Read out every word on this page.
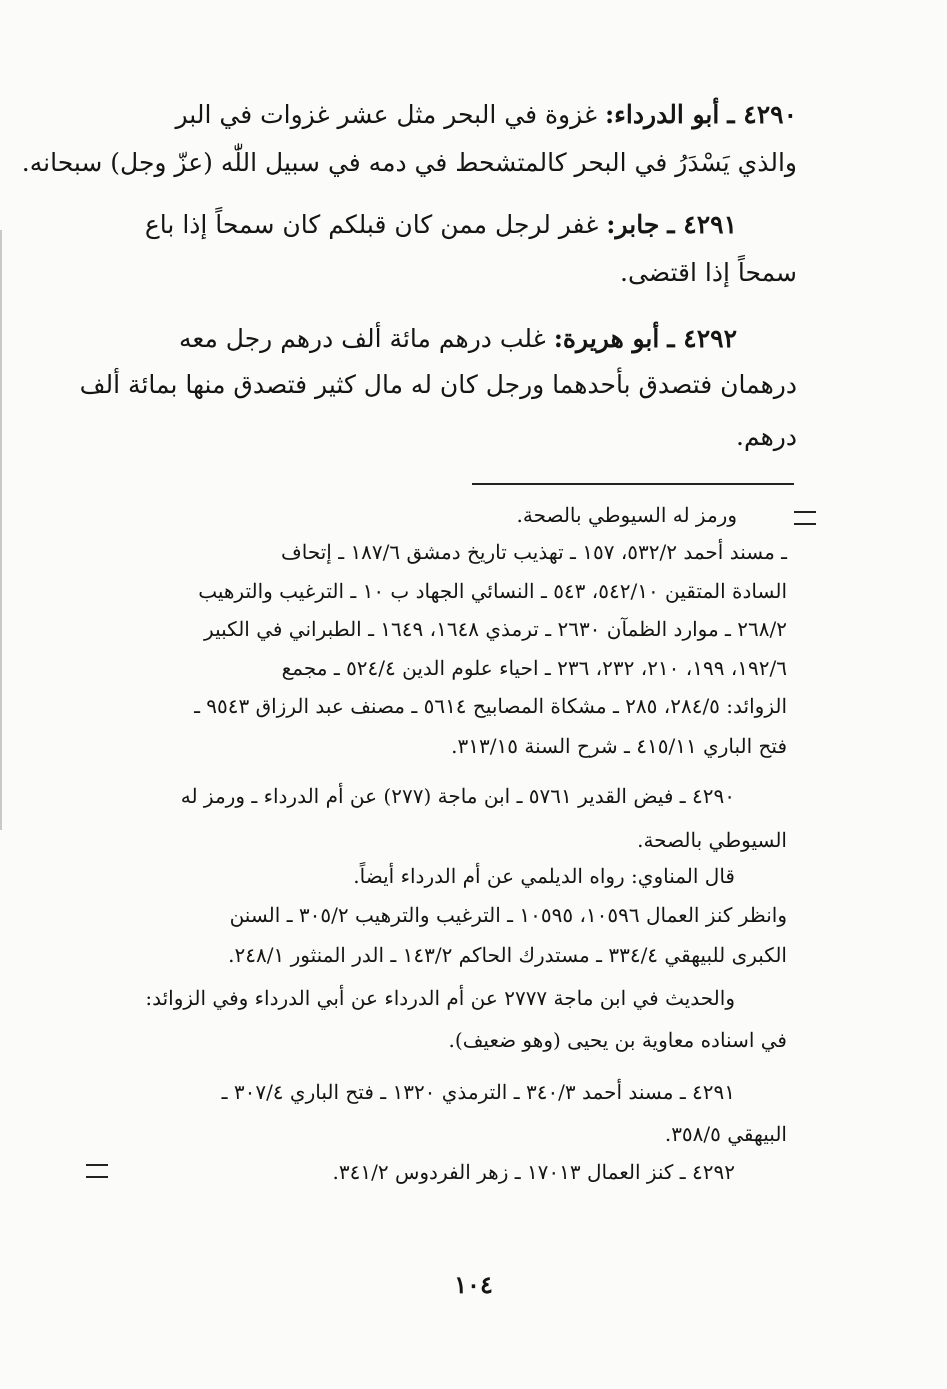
٤٢٩٠ ـ أبو الدرداء: غزوة في البحر مثل عشر غزوات في البر
والذي يَسْدَرُ في البحر كالمتشحط في دمه في سبيل اللّٰه (عزّ وجل) سبحانه.
٤٢٩١ ـ جابر: غفر لرجل ممن كان قبلكم كان سمحاً إذا باع
سمحاً إذا اقتضى.
٤٢٩٢ ـ أبو هريرة: غلب درهم مائة ألف درهم رجل معه
درهمان فتصدق بأحدهما ورجل كان له مال كثير فتصدق منها بمائة ألف
درهم.
ورمز له السيوطي بالصحة.
ـ مسند أحمد ٥٣٢/٢، ١٥٧ ـ تهذيب تاريخ دمشق ١٨٧/٦ ـ إتحاف
السادة المتقين ٥٤٢/١٠، ٥٤٣ ـ النسائي الجهاد ب ١٠ ـ الترغيب والترهيب
٢٦٨/٢ ـ موارد الظمآن ٢٦٣٠ ـ ترمذي ١٦٤٨، ١٦٤٩ ـ الطبراني في الكبير
١٩٢/٦، ١٩٩، ٢١٠، ٢٣٢، ٢٣٦ ـ احياء علوم الدين ٥٢٤/٤ ـ مجمع
الزوائد: ٢٨٤/٥، ٢٨٥ ـ مشكاة المصابيح ٥٦١٤ ـ مصنف عبد الرزاق ٩٥٤٣ ـ
فتح الباري ٤١٥/١١ ـ شرح السنة ٣١٣/١٥.
٤٢٩٠ ـ فيض القدير ٥٧٦١ ـ ابن ماجة (٢٧٧) عن أم الدرداء ـ ورمز له
السيوطي بالصحة.
قال المناوي: رواه الديلمي عن أم الدرداء أيضاً.
وانظر كنز العمال ١٠٥٩٦، ١٠٥٩٥ ـ الترغيب والترهيب ٣٠٥/٢ ـ السنن
الكبرى للبيهقي ٣٣٤/٤ ـ مستدرك الحاكم ١٤٣/٢ ـ الدر المنثور ٢٤٨/١.
والحديث في ابن ماجة ٢٧٧٧ عن أم الدرداء عن أبي الدرداء وفي الزوائد:
في اسناده معاوية بن يحيى (وهو ضعيف).
٤٢٩١ ـ مسند أحمد ٣٤٠/٣ ـ الترمذي ١٣٢٠ ـ فتح الباري ٣٠٧/٤ ـ
البيهقي ٣٥٨/٥.
٤٢٩٢ ـ كنز العمال ١٧٠١٣ ـ زهر الفردوس ٣٤١/٢.
١٠٤
